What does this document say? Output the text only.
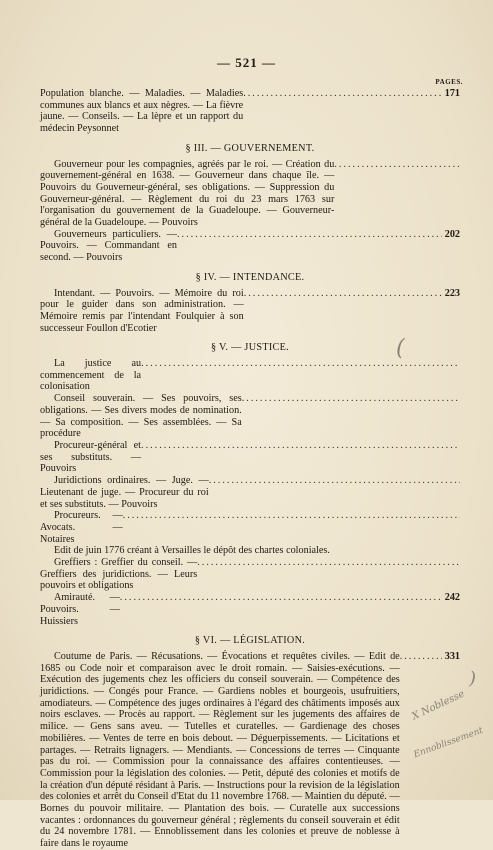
— 521 —
PAGES.
Population blanche. — Maladies. — Maladies communes aux blancs et aux nègres. — La fièvre jaune. — Conseils. — La lèpre et un rapport du médecin Peysonnet
.....
171
§ III. — GOUVERNEMENT.
Gouverneur pour les compagnies, agréés par le roi. — Création du gouvernement-général en 1638. — Gouverneur dans chaque île. — Pouvoirs du Gouverneur-général, ses obligations. — Suppression du Gouverneur-général. — Règlement du roi du 23 mars 1763 sur l'organisation du gouvernement de la Guadeloupe. — Gouverneur-général de la Guadeloupe. — Pouvoirs
.....
Gouverneurs particuliers. — Pouvoirs. — Commandant en second. — Pouvoirs
.....
202
§ IV. — INTENDANCE.
Intendant. — Pouvoirs. — Mémoire du roi pour le guider dans son administration. — Mémoire remis par l'intendant Foulquier à son successeur Foullon d'Ecotier
.....
223
§ V. — JUSTICE.
La justice au commencement de la colonisation
.....
Conseil souverain. — Ses pouvoirs, ses obligations. — Ses divers modes de nomination. — Sa composition. — Ses assemblées. — Sa procédure
.....
Procureur-général et ses substituts. — Pouvoirs
.....
Juridictions ordinaires. — Juge. — Lieutenant de juge. — Procureur du roi et ses substituts. — Pouvoirs
.....
Procureurs. — Avocats. — Notaires
.....
Edit de juin 1776 créant à Versailles le dépôt des chartes coloniales.
Greffiers : Greffier du conseil. — Greffiers des juridictions. — Leurs pouvoirs et obligations
.....
Amirauté. — Pouvoirs. — Huissiers
.....
242
§ VI. — LÉGISLATION.
Coutume de Paris. — Récusations. — Évocations et requêtes civiles. — Edit de 1685 ou Code noir et comparaison avec le droit romain. — Saisies-exécutions. — Exécution des jugements chez les officiers du conseil souverain. — Compétence des juridictions. — Congés pour France. — Gardiens nobles et bourgeois, usufruitiers, amodiateurs. — Compétence des juges ordinaires à l'égard des châtiments imposés aux noirs esclaves. — Procès au rapport. — Règlement sur les jugements des affaires de milice. — Gens sans aveu. — Tutelles et curatelles. — Gardienage des choses mobilières. — Ventes de terre en bois debout. — Déguerpissements. — Licitations et partages. — Retraits lignagers. — Mendiants. — Concessions de terres — Cinquante pas du roi. — Commission pour la connaissance des affaires contentieuses. — Commission pour la législation des colonies. — Petit, député des colonies et motifs de la création d'un député résidant à Paris. — Instructions pour la revision de la législation des colonies et arrêt du Conseil d'Etat du 11 novembre 1768. — Maintien du député. — Bornes du pouvoir militaire. — Plantation des bois. — Curatelle aux successions vacantes : ordonnances du gouverneur général ; règlements du conseil souverain et édit du 24 novembre 1781. — Ennoblissement dans les colonies et preuve de noblesse à faire dans le royaume
.....
331
(
)
X Noblesse
Ennoblissement
